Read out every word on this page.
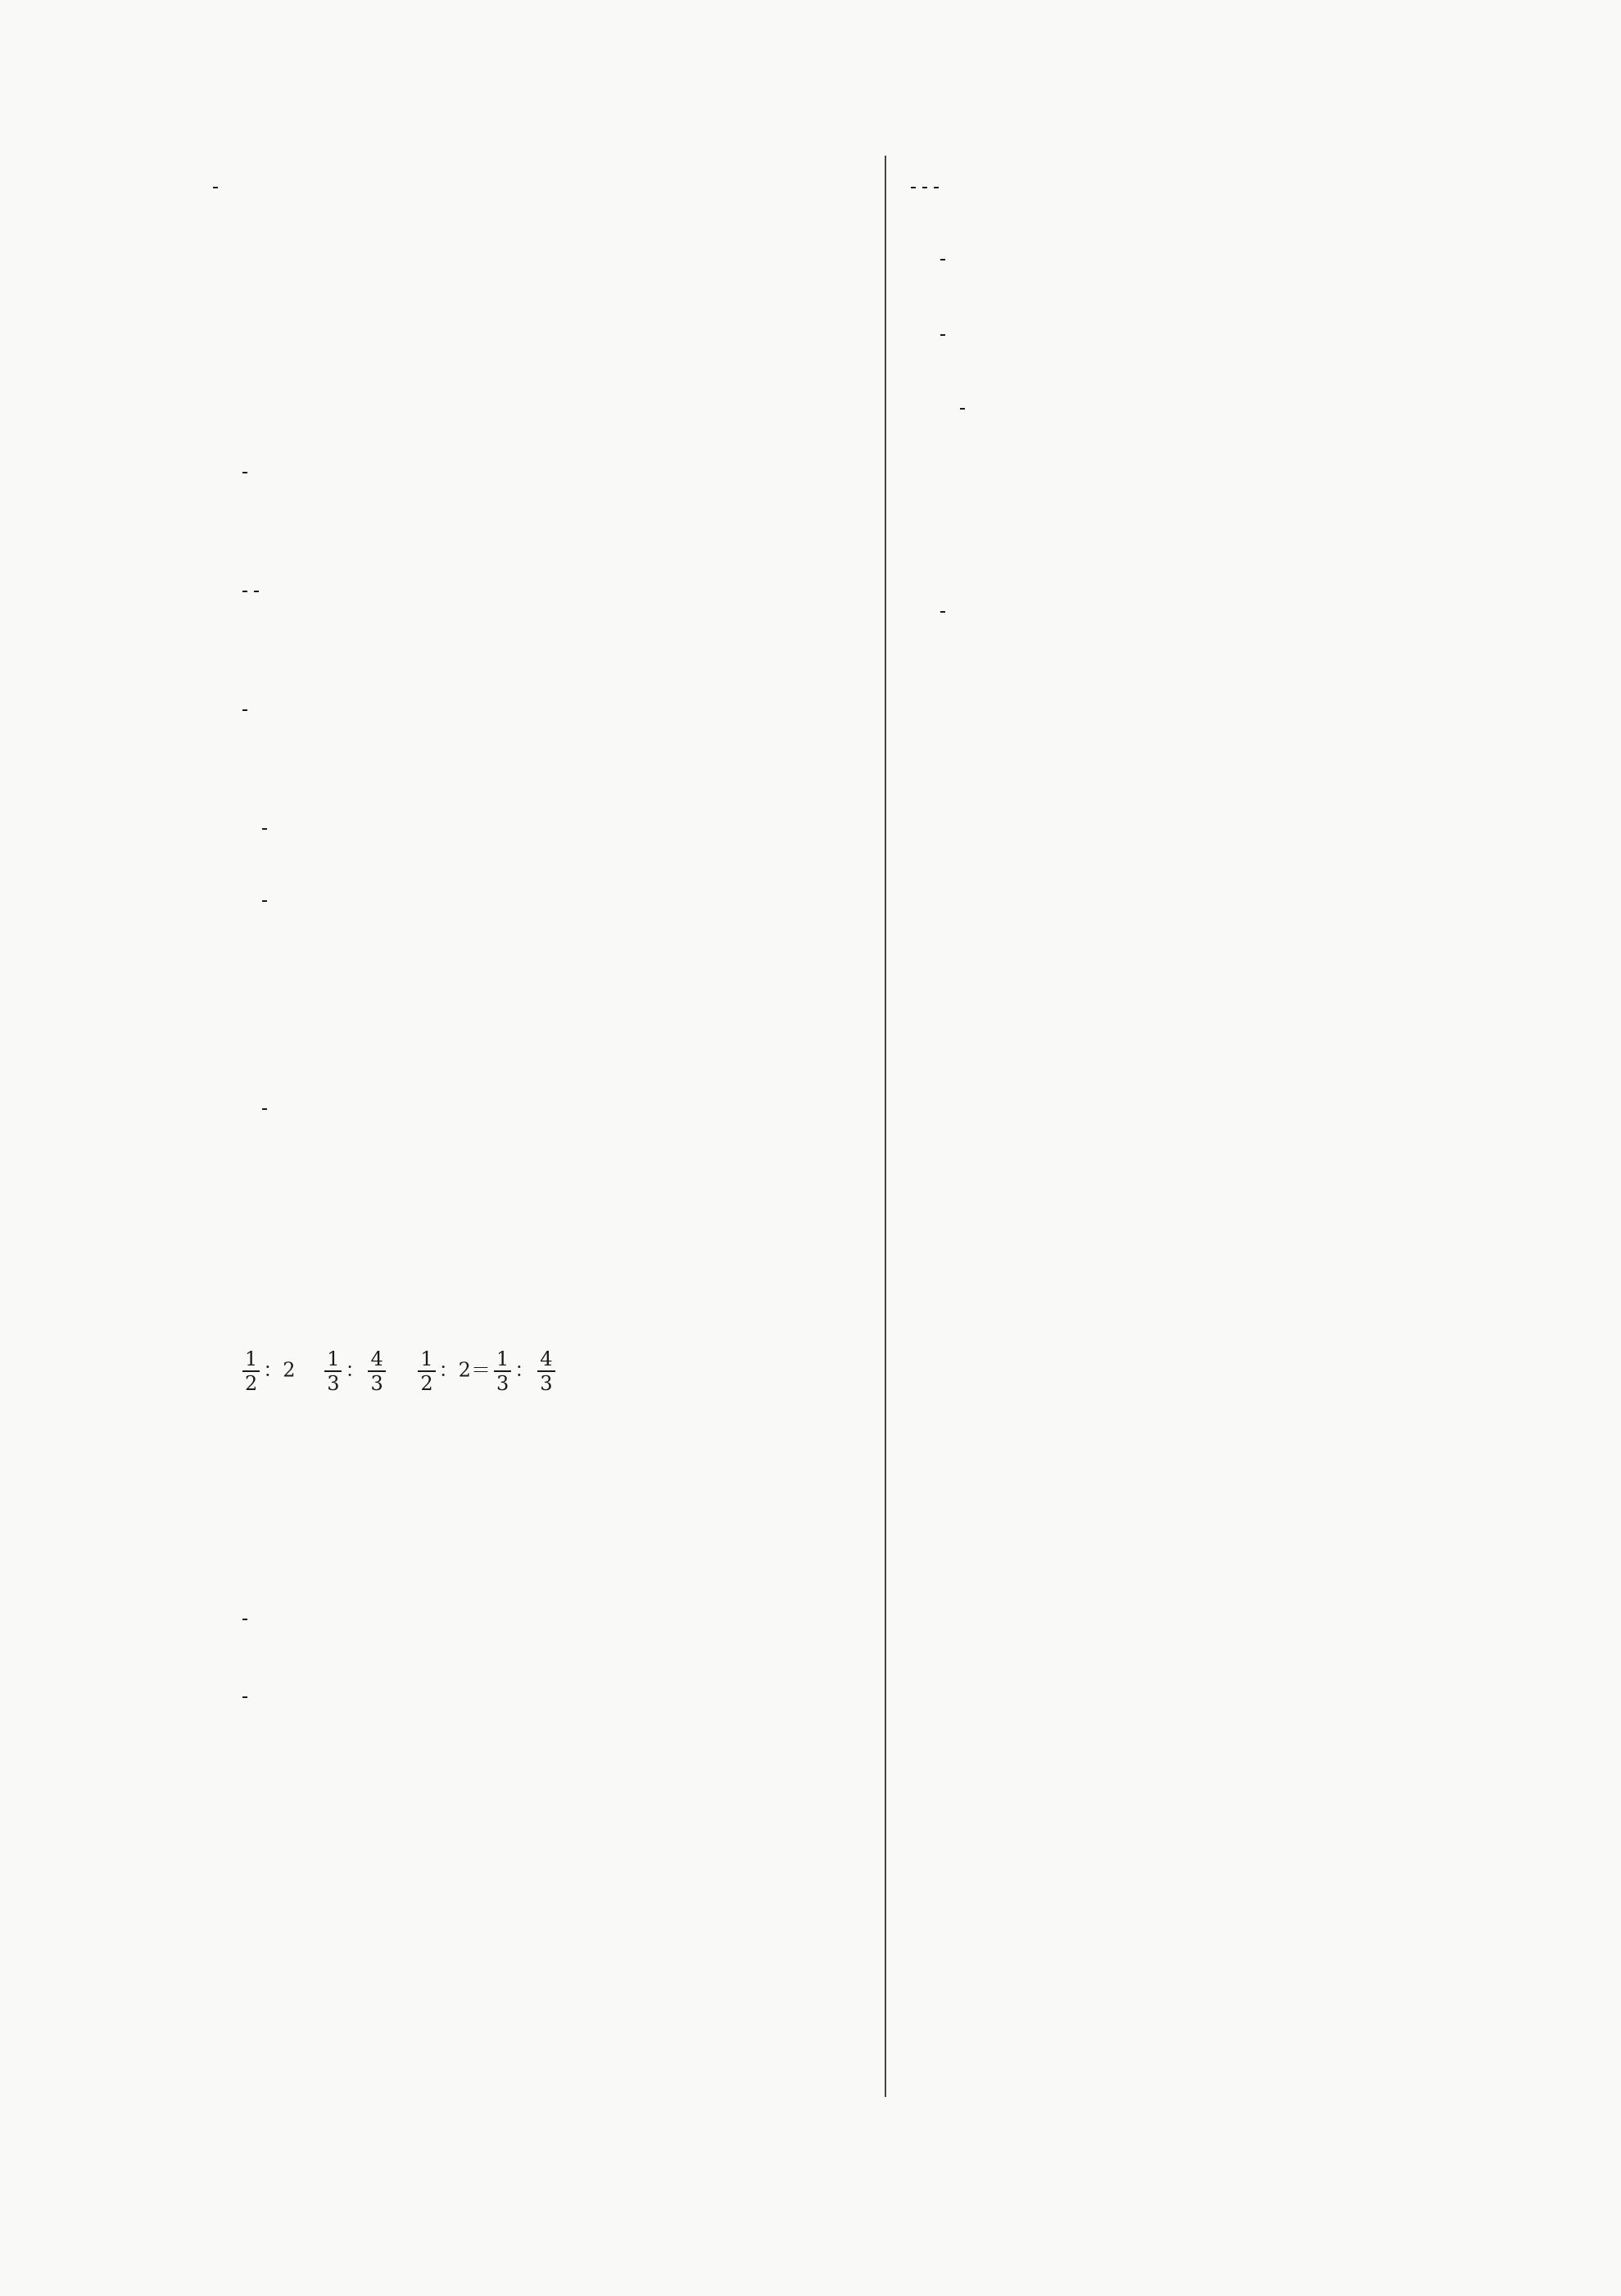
$\frac{1}{2}$ ：2　 $\frac{1}{3}$ ： $\frac{4}{3}$
　 $\frac{1}{2}$ ：$2= \frac{1}{3}$ ： $\frac{4}{3}$
